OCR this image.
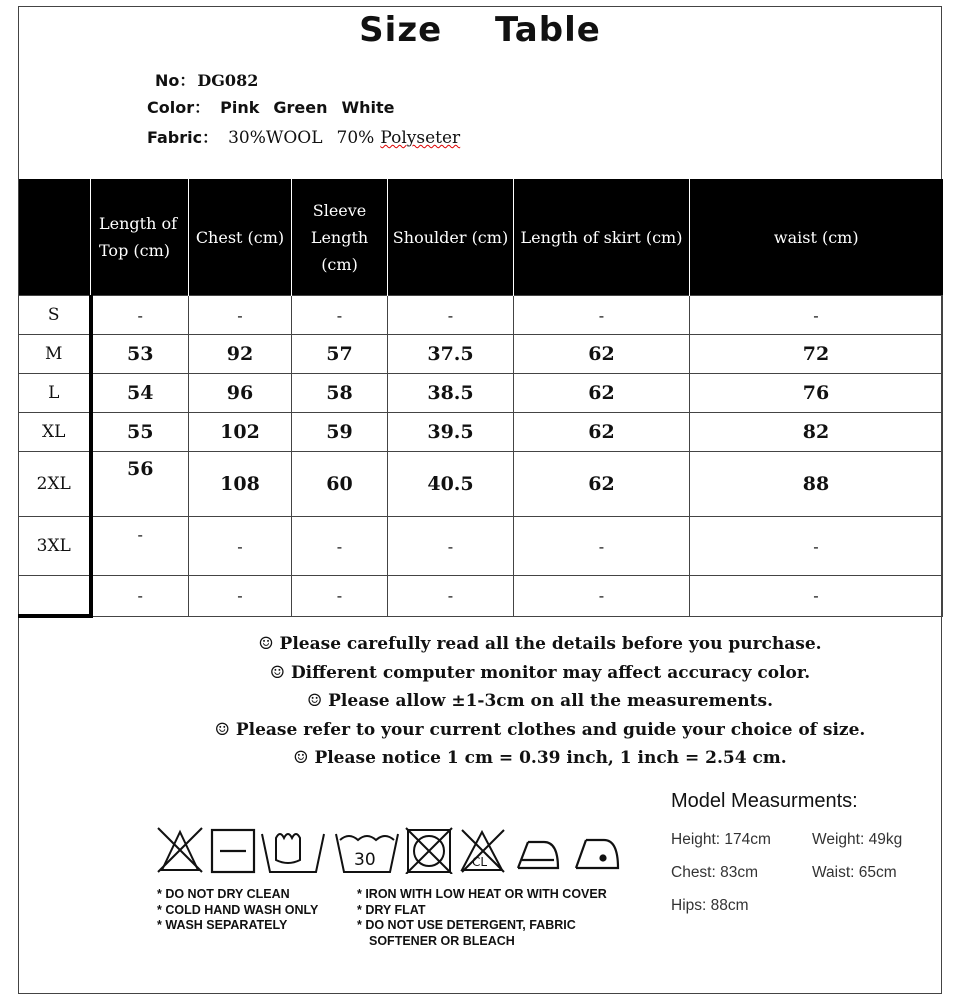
Size Table
No： DG082
Color： Pink Green White
Fabric： 30%WOOL 70% Polyseter
	Length of Top (cm)	Chest (cm)	Sleeve Length (cm)	Shoulder (cm)	Length of skirt (cm)	waist (cm)
S	-	-	-	-	-	-
M	53	92	57	37.5	62	72
L	54	96	58	38.5	62	76
XL	55	102	59	39.5	62	82
2XL	56	108	60	40.5	62	88
3XL	-	-	-	-	-	-
	-	-	-	-	-	-
☺ Please carefully read all the details before you purchase.
☺ Different computer monitor may affect accuracy color.
☺ Please allow ±1-3cm on all the measurements.
☺ Please refer to your current clothes and guide your choice of size.
☺ Please notice 1 cm = 0.39 inch, 1 inch = 2.54 cm.
30	CL
* DO NOT DRY CLEAN
* COLD HAND WASH ONLY
* WASH SEPARATELY
* IRON WITH LOW HEAT OR WITH COVER
* DRY FLAT
* DO NOT USE DETERGENT, FABRIC
SOFTENER OR BLEACH
Model Measurments:
Height: 174cm	Weight: 49kg
Chest: 83cm	Waist: 65cm
Hips: 88cm
